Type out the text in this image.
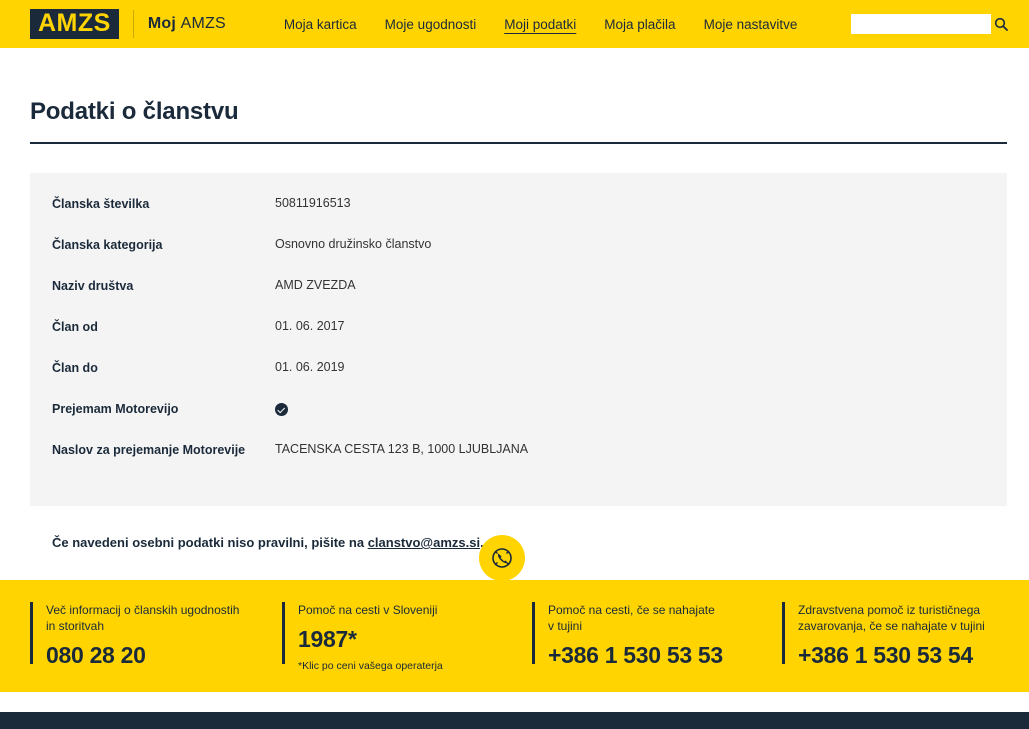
AMZS	Moj AMZS	Moja kartica Moje ugodnosti Moji podatki Moja plačila Moje nastavitve
Podatki o članstvu
Članska številka	50811916513
Članska kategorija	Osnovno družinsko članstvo
Naziv društva	AMD ZVEZDA
Član od	01. 06. 2017
Član do	01. 06. 2019
Prejemam Motorevijo
Naslov za prejemanje Motorevije	TACENSKA CESTA 123 B, 1000 LJUBLJANA
Če navedeni osebni podatki niso pravilni, pišite na clanstvo@amzs.si.
Več informacij o članskih ugodnostih
in storitvah
080 28 20
Pomoč na cesti v Sloveniji
1987*
*Klic po ceni vašega operaterja
Pomoč na cesti, če se nahajate
v tujini
+386 1 530 53 53
Zdravstvena pomoč iz turističnega
zavarovanja, če se nahajate v tujini
+386 1 530 53 54
